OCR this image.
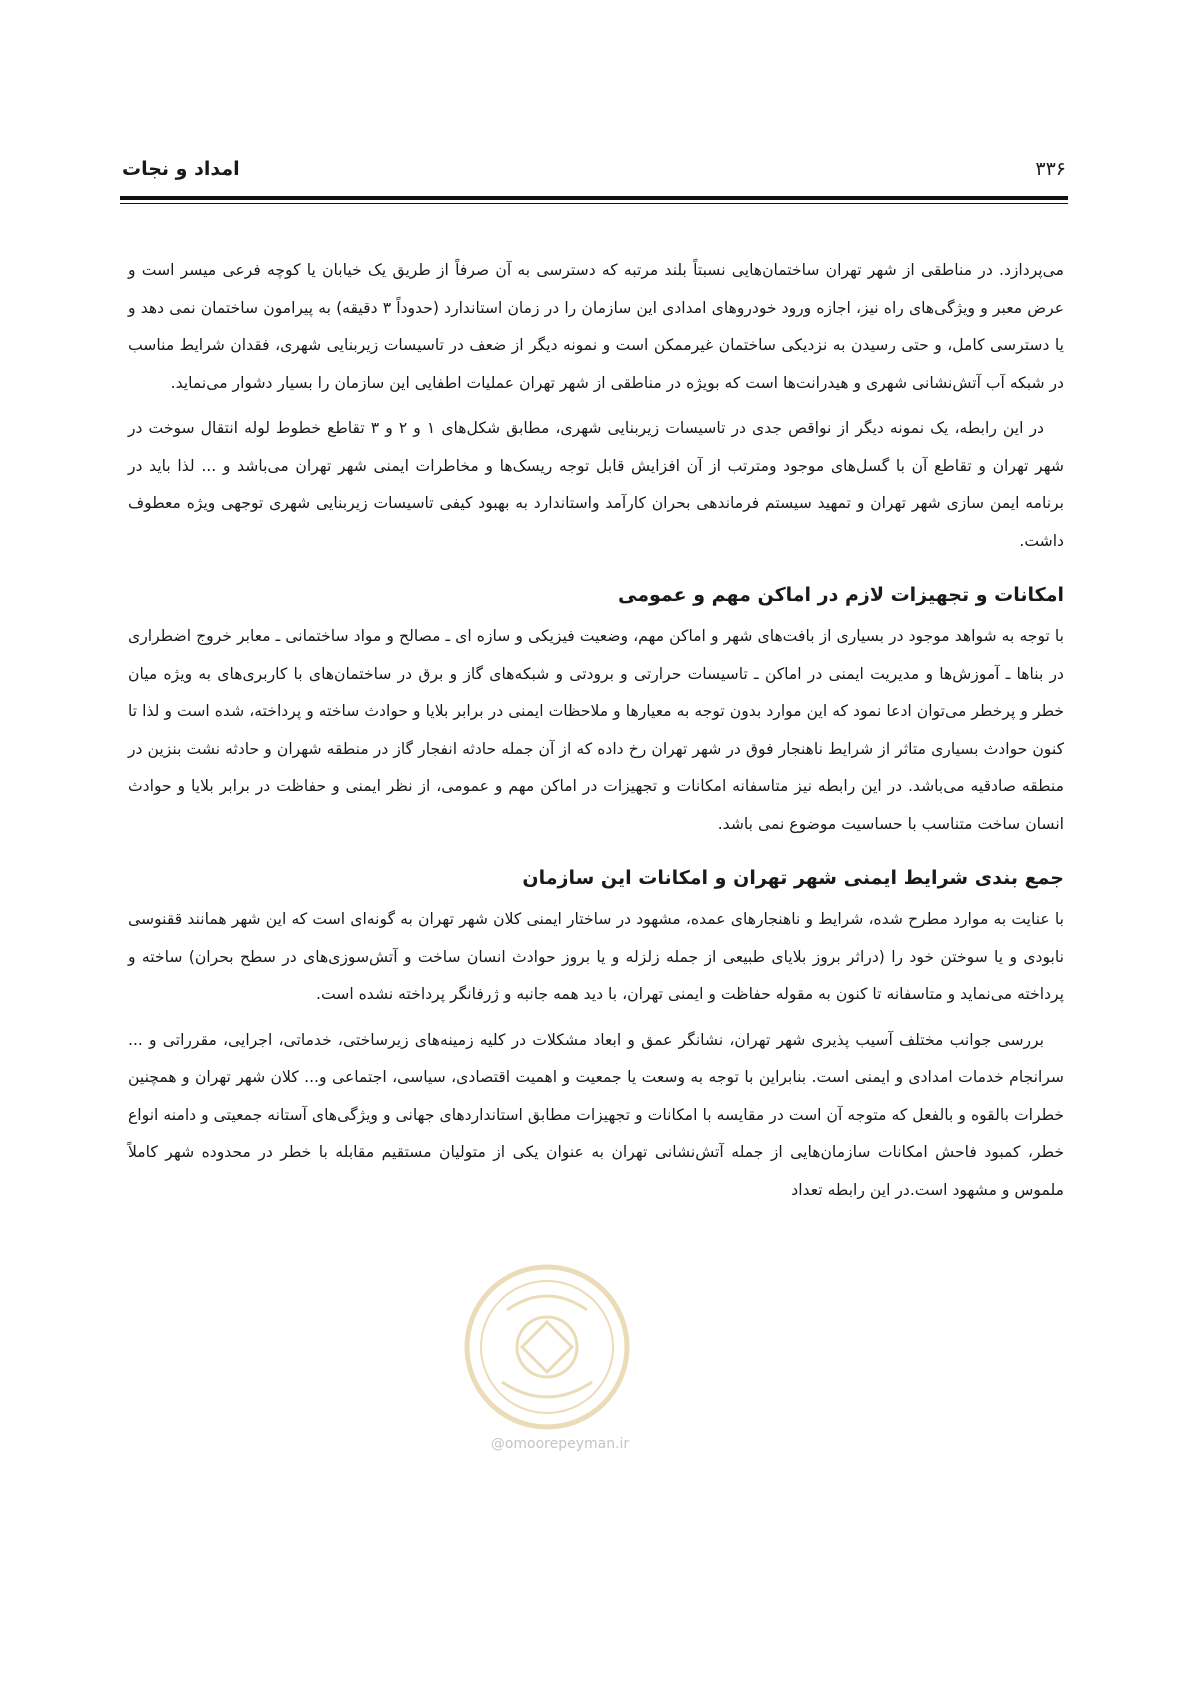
امداد و نجات	۳۳۶

می‌پردازد. در مناطقی از شهر تهران ساختمان‌هایی نسبتاً بلند مرتبه که دسترسی به آن صرفاً از طریق یک خیابان یا کوچه فرعی میسر است و عرض معبر و ویژگی‌های راه نیز، اجازه ورود خودروهای امدادی این سازمان را در زمان استاندارد (حدوداً ۳ دقیقه) به پیرامون ساختمان نمی دهد و یا دسترسی کامل، و حتی رسیدن به نزدیکی ساختمان غیرممکن است و نمونه دیگر از ضعف در تاسیسات زیربنایی شهری، فقدان شرایط مناسب در شبکه آب آتش‌نشانی شهری و هیدرانت‌ها است که بویژه در مناطقی از شهر تهران عملیات اطفایی این سازمان را بسیار دشوار می‌نماید.

در این رابطه، یک نمونه دیگر از نواقص جدی در تاسیسات زیربنایی شهری، مطابق شکل‌های ۱ و ۲ و ۳ تقاطع خطوط لوله انتقال سوخت در شهر تهران و تقاطع آن با گسل‌های موجود ومترتب از آن افزایش قابل توجه ریسک‌ها و مخاطرات ایمنی شهر تهران می‌باشد و ... لذا باید در برنامه ایمن سازی شهر تهران و تمهید سیستم فرماندهی بحران کارآمد واستاندارد به بهبود کیفی تاسیسات زیربنایی شهری توجهی ویژه معطوف داشت.

امکانات و تجهیزات لازم در اماکن مهم و عمومی

با توجه به شواهد موجود در بسیاری از بافت‌های شهر و اماکن مهم، وضعیت فیزیکی و سازه ای ـ مصالح و مواد ساختمانی ـ معابر خروج اضطراری در بناها ـ آموزش‌ها و مدیریت ایمنی در اماکن ـ تاسیسات حرارتی و برودتی و شبکه‌های گاز و برق در ساختمان‌های با کاربری‌های به ویژه میان خطر و پرخطر می‌توان ادعا نمود که این موارد بدون توجه به معیارها و ملاحظات ایمنی در برابر بلایا و حوادث ساخته و پرداخته، شده است و لذا تا کنون حوادث بسیاری متاثر از شرایط ناهنجار فوق در شهر تهران رخ داده که از آن جمله حادثه انفجار گاز در منطقه شهران و حادثه نشت بنزین در منطقه صادقیه می‌باشد. در این رابطه نیز متاسفانه امکانات و تجهیزات در اماکن مهم و عمومی، از نظر ایمنی و حفاظت در برابر بلایا و حوادث انسان ساخت متناسب با حساسیت موضوع نمی باشد.

جمع بندی شرایط ایمنی شهر تهران و امکانات این سازمان

با عنایت به موارد مطرح شده، شرایط و ناهنجارهای عمده، مشهود در ساختار ایمنی کلان شهر تهران به گونه‌ای است که این شهر همانند ققنوسی نابودی و یا سوختن خود را (دراثر بروز بلایای طبیعی از جمله زلزله و یا بروز حوادث انسان ساخت و آتش‌سوزی‌های در سطح بحران) ساخته و پرداخته می‌نماید و متاسفانه تا کنون به مقوله حفاظت و ایمنی تهران، با دید همه جانبه و ژرفانگر پرداخته نشده است.

بررسی جوانب مختلف آسیب پذیری شهر تهران، نشانگر عمق و ابعاد مشکلات در کلیه زمینه‌های زیرساختی، خدماتی، اجرایی، مقرراتی و ... سرانجام خدمات امدادی و ایمنی است. بنابراین با توجه به وسعت یا جمعیت و اهمیت اقتصادی، سیاسی، اجتماعی و... کلان شهر تهران و همچنین خطرات بالقوه و بالفعل که متوجه آن است در مقایسه با امکانات و تجهیزات مطابق استانداردهای جهانی و ویژگی‌های آستانه جمعیتی و دامنه انواع خطر، کمبود فاحش امکانات سازمان‌هایی از جمله آتش‌نشانی تهران به عنوان یکی از متولیان مستقیم مقابله با خطر در محدوده شهر کاملاً ملموس و مشهود است.در این رابطه تعداد

@omoorepeyman.ir
